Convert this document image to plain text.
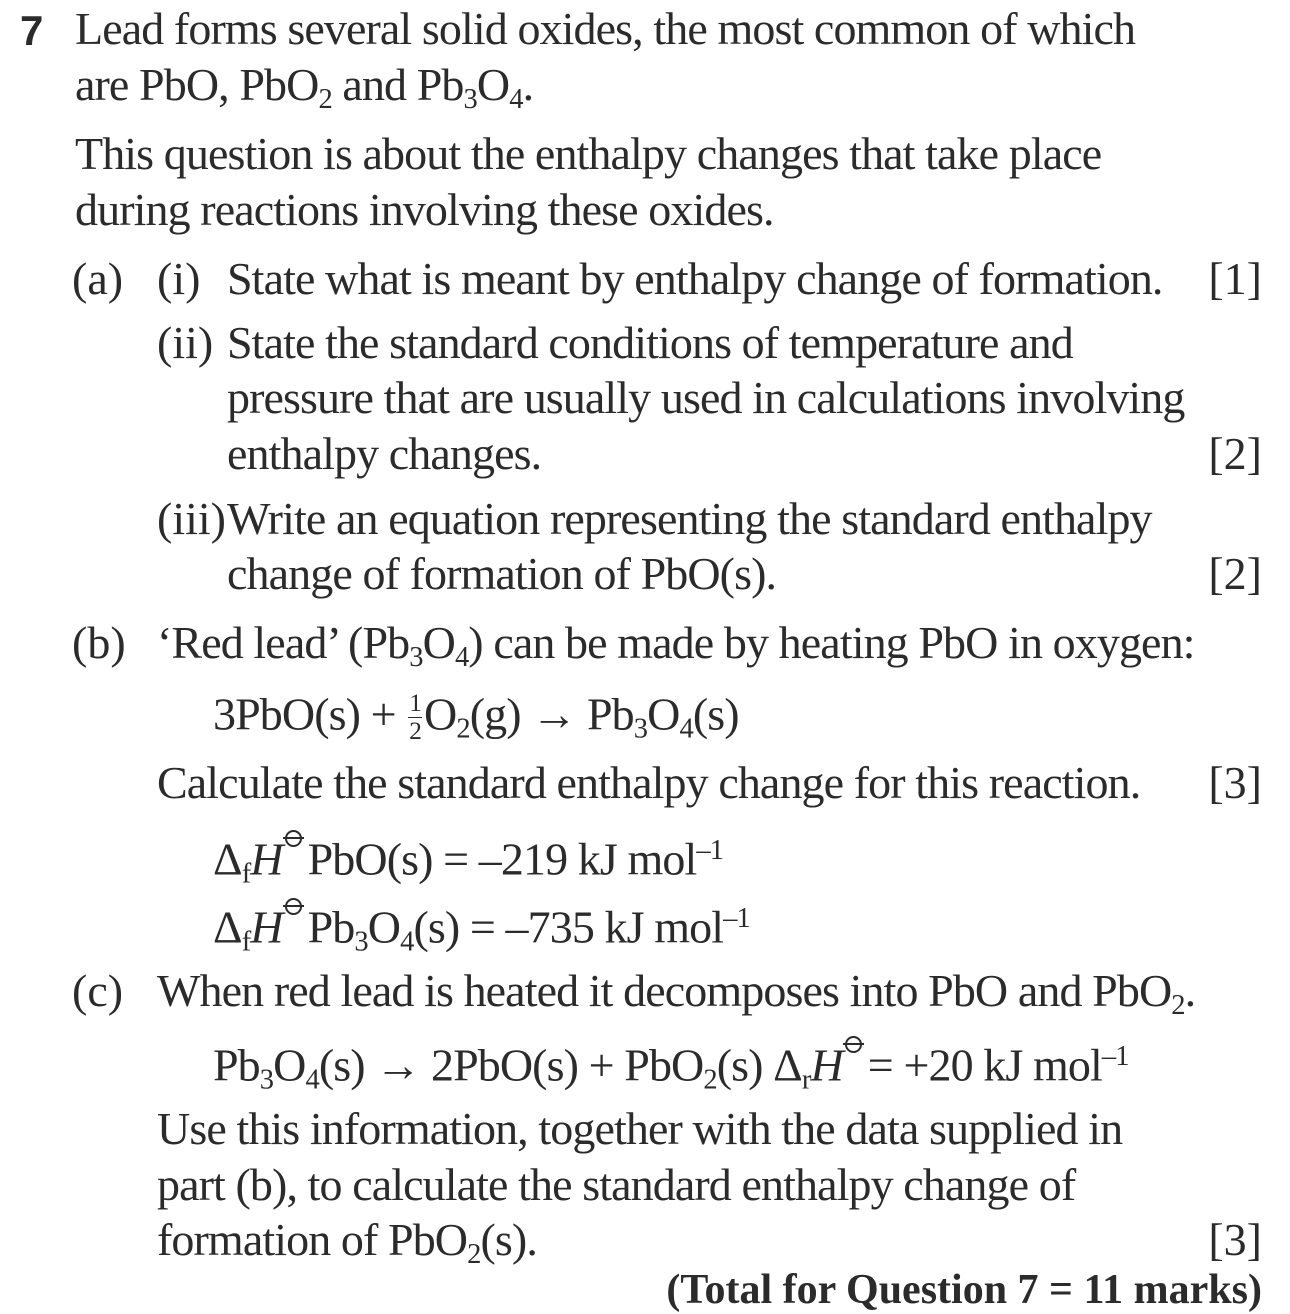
7 Lead forms several solid oxides, the most common of which
are PbO, PbO$_2$ and $Pb_3O_4$.
This question is about the enthalpy changes that take place
during reactions involving these oxides.
(a) (i) State what is meant by enthalpy change of formation. [1]
(ii) State the standard conditions of temperature and
pressure that are usually used in calculations involving
enthalpy changes.	[2]
(iii) Write an equation representing the standard enthalpy
change of formation of PbO(s).	[2]
(b) ‘Red lead’ $(Pb_3O_4)$ can be made by heating PbO in oxygen:
$3PbO(s) + \frac{1}{2} O_2(g) \to Pb_3O_4(s)$
Calculate the standard enthalpy change for this reaction. [3]
$\Delta_fH$ PbO(s) = –219 kJ mol$^{-1}$
$\Delta_fH$ $Pb_3O_4(s) = -735$ kJ mol$^{-1}$
(c) When red lead is heated it decomposes into PbO and PbO$_2$.
$Pb_3O_4(s) \to 2PbO(s) + PbO_2(s) \Delta_rH = +20$ kJ mol$^{-1}$
Use this information, together with the data supplied in
part (b), to calculate the standard enthalpy change of
formation of PbO$_2$(s).	[3]
(Total for Question 7 = 11 marks)
